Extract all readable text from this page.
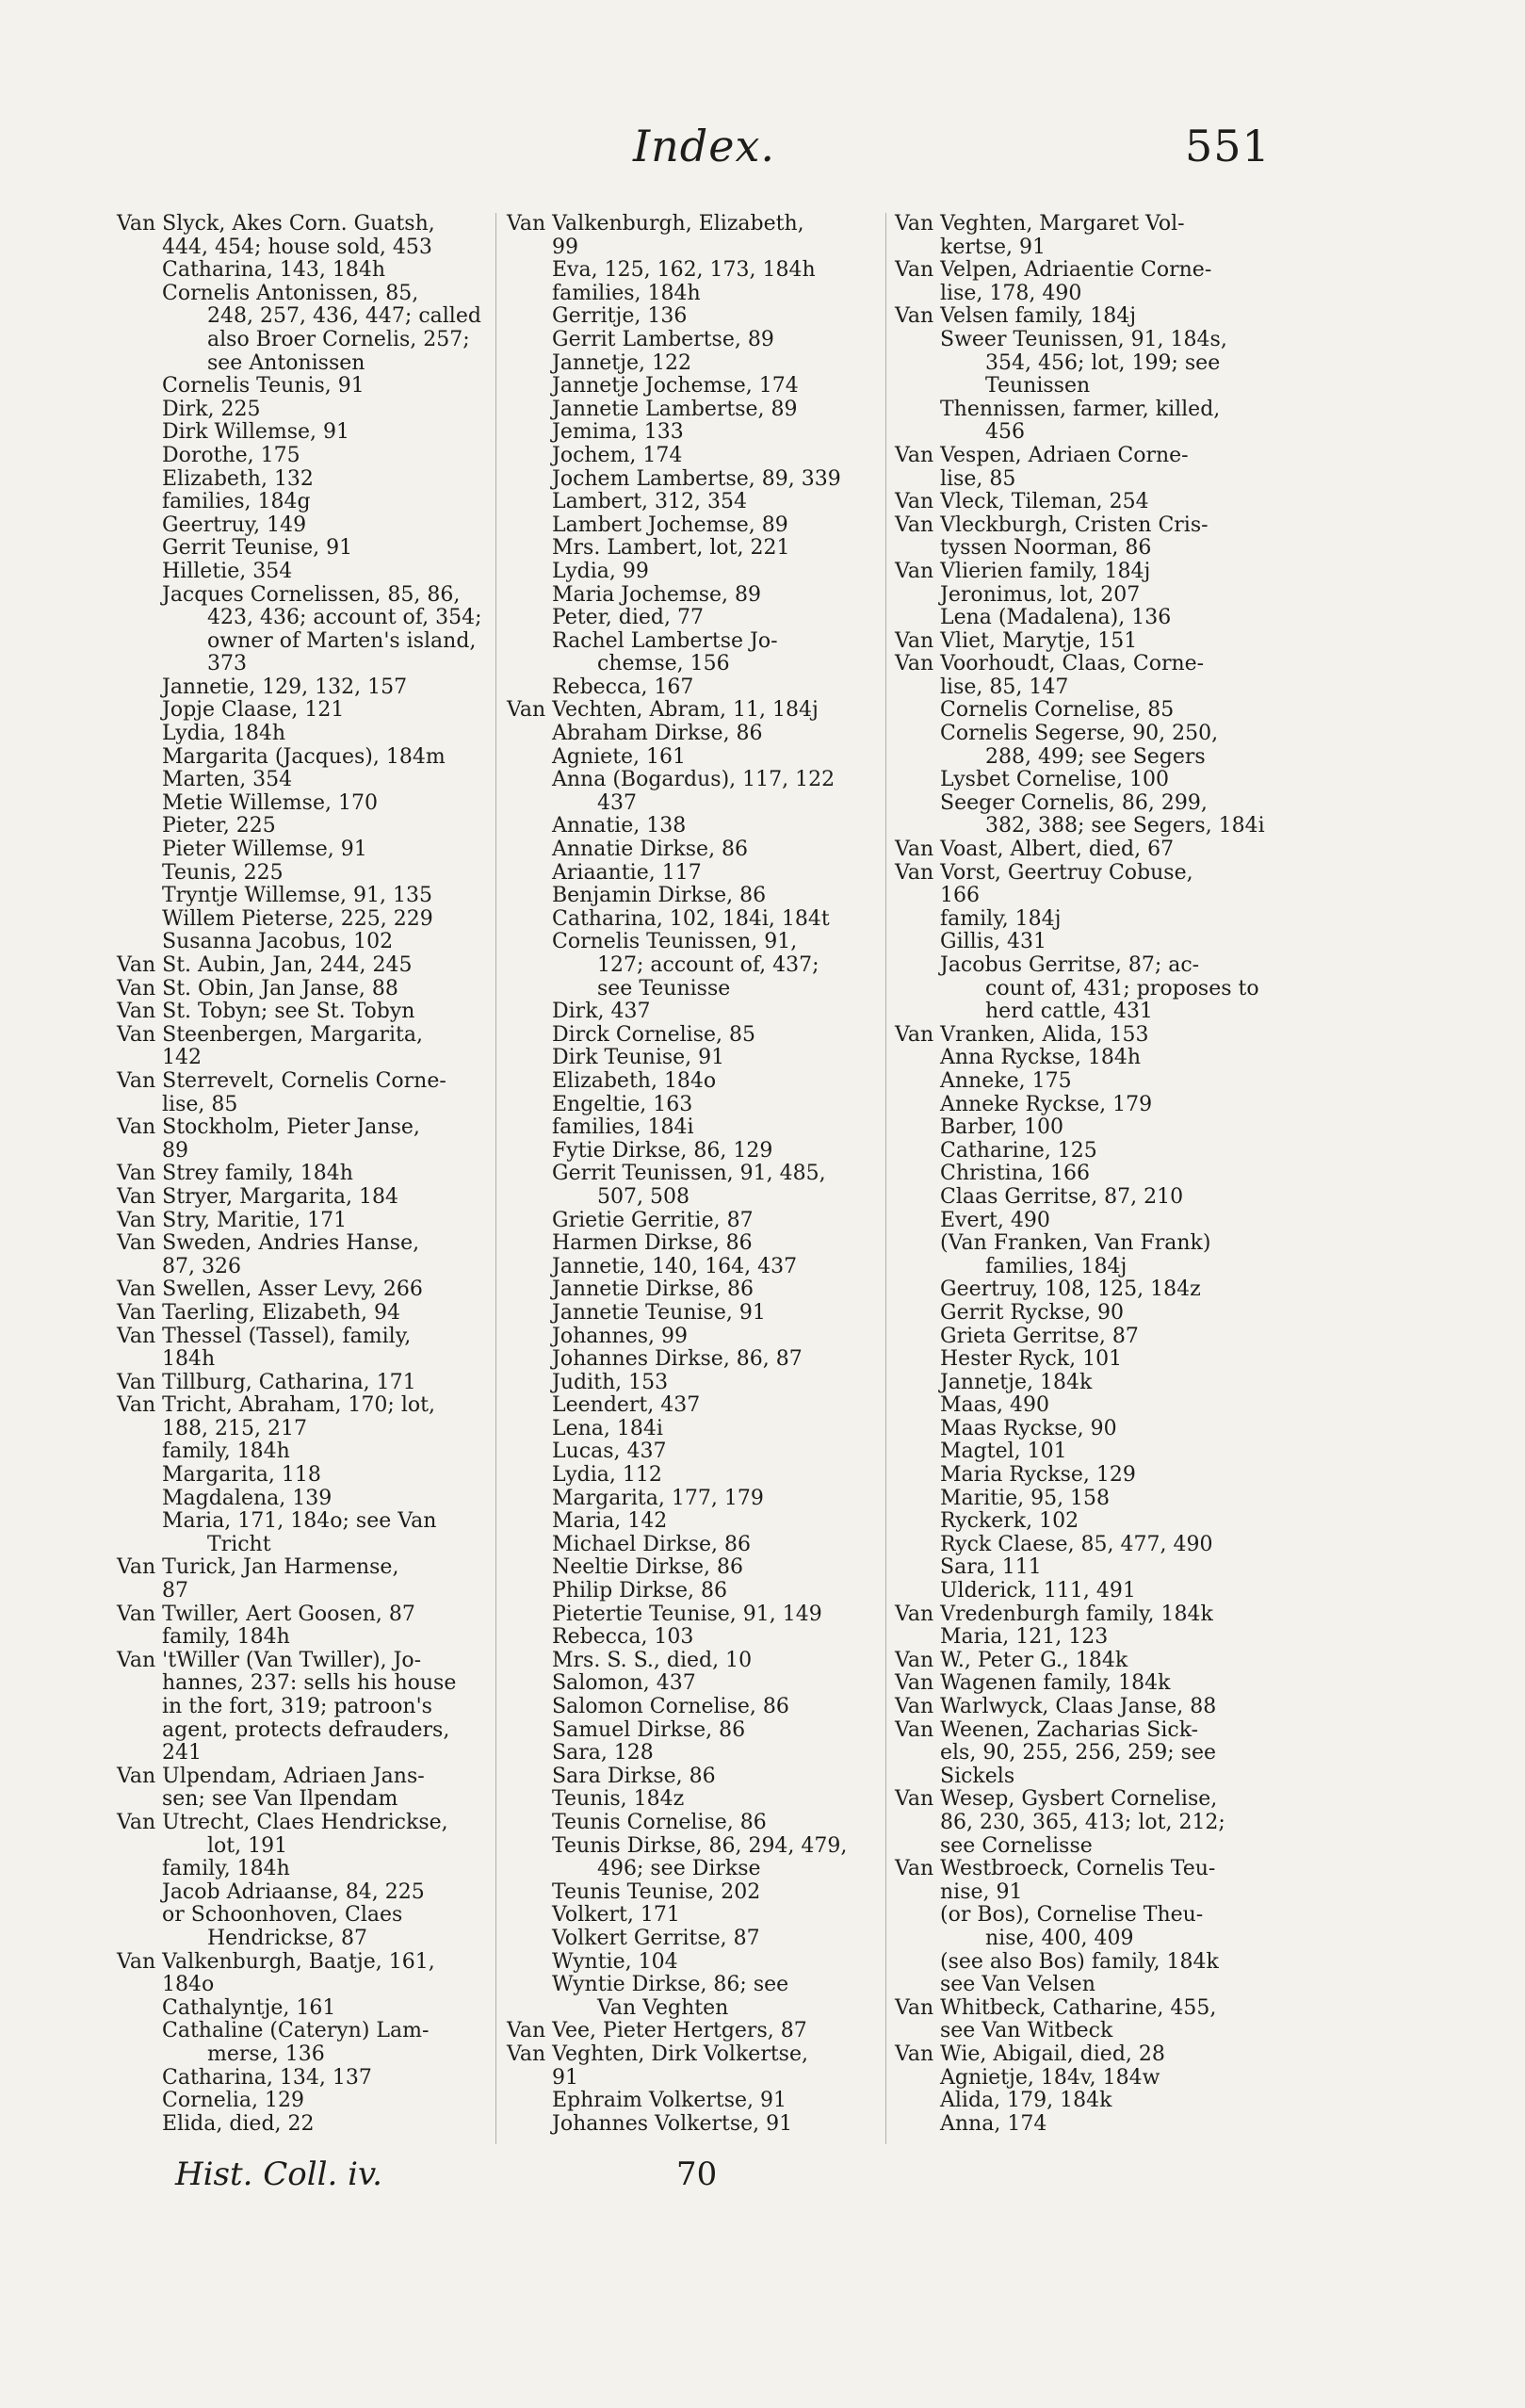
Index.	551
Van Slyck, Akes Corn. Guatsh,
444, 454; house sold, 453
Catharina, 143, 184h
Cornelis Antonissen, 85,
248, 257, 436, 447; called
also Broer Cornelis, 257;
see Antonissen
Cornelis Teunis, 91
Dirk, 225
Dirk Willemse, 91
Dorothe, 175
Elizabeth, 132
families, 184g
Geertruy, 149
Gerrit Teunise, 91
Hilletie, 354
Jacques Cornelissen, 85, 86,
423, 436; account of, 354;
owner of Marten's island,
373
Jannetie, 129, 132, 157
Jopje Claase, 121
Lydia, 184h
Margarita (Jacques), 184m
Marten, 354
Metie Willemse, 170
Pieter, 225
Pieter Willemse, 91
Teunis, 225
Tryntje Willemse, 91, 135
Willem Pieterse, 225, 229
Susanna Jacobus, 102
Van St. Aubin, Jan, 244, 245
Van St. Obin, Jan Janse, 88
Van St. Tobyn; see St. Tobyn
Van Steenbergen, Margarita,
142
Van Sterrevelt, Cornelis Corne-
lise, 85
Van Stockholm, Pieter Janse,
89
Van Strey family, 184h
Van Stryer, Margarita, 184
Van Stry, Maritie, 171
Van Sweden, Andries Hanse,
87, 326
Van Swellen, Asser Levy, 266
Van Taerling, Elizabeth, 94
Van Thessel (Tassel), family,
184h
Van Tillburg, Catharina, 171
Van Tricht, Abraham, 170; lot,
188, 215, 217
family, 184h
Margarita, 118
Magdalena, 139
Maria, 171, 184o; see Van
Tricht
Van Turick, Jan Harmense,
87
Van Twiller, Aert Goosen, 87
family, 184h
Van 'tWiller (Van Twiller), Jo-
hannes, 237: sells his house
in the fort, 319; patroon's
agent, protects defrauders,
241
Van Ulpendam, Adriaen Jans-
sen; see Van Ilpendam
Van Utrecht, Claes Hendrickse,
lot, 191
family, 184h
Jacob Adriaanse, 84, 225
or Schoonhoven, Claes
Hendrickse, 87
Van Valkenburgh, Baatje, 161,
184o
Cathalyntje, 161
Cathaline (Cateryn) Lam-
merse, 136
Catharina, 134, 137
Cornelia, 129
Elida, died, 22
Van Valkenburgh, Elizabeth,
99
Eva, 125, 162, 173, 184h
families, 184h
Gerritje, 136
Gerrit Lambertse, 89
Jannetje, 122
Jannetje Jochemse, 174
Jannetie Lambertse, 89
Jemima, 133
Jochem, 174
Jochem Lambertse, 89, 339
Lambert, 312, 354
Lambert Jochemse, 89
Mrs. Lambert, lot, 221
Lydia, 99
Maria Jochemse, 89
Peter, died, 77
Rachel Lambertse Jo-
chemse, 156
Rebecca, 167
Van Vechten, Abram, 11, 184j
Abraham Dirkse, 86
Agniete, 161
Anna (Bogardus), 117, 122
437
Annatie, 138
Annatie Dirkse, 86
Ariaantie, 117
Benjamin Dirkse, 86
Catharina, 102, 184i, 184t
Cornelis Teunissen, 91,
127; account of, 437;
see Teunisse
Dirk, 437
Dirck Cornelise, 85
Dirk Teunise, 91
Elizabeth, 184o
Engeltie, 163
families, 184i
Fytie Dirkse, 86, 129
Gerrit Teunissen, 91, 485,
507, 508
Grietie Gerritie, 87
Harmen Dirkse, 86
Jannetie, 140, 164, 437
Jannetie Dirkse, 86
Jannetie Teunise, 91
Johannes, 99
Johannes Dirkse, 86, 87
Judith, 153
Leendert, 437
Lena, 184i
Lucas, 437
Lydia, 112
Margarita, 177, 179
Maria, 142
Michael Dirkse, 86
Neeltie Dirkse, 86
Philip Dirkse, 86
Pietertie Teunise, 91, 149
Rebecca, 103
Mrs. S. S., died, 10
Salomon, 437
Salomon Cornelise, 86
Samuel Dirkse, 86
Sara, 128
Sara Dirkse, 86
Teunis, 184z
Teunis Cornelise, 86
Teunis Dirkse, 86, 294, 479,
496; see Dirkse
Teunis Teunise, 202
Volkert, 171
Volkert Gerritse, 87
Wyntie, 104
Wyntie Dirkse, 86; see
Van Veghten
Van Vee, Pieter Hertgers, 87
Van Veghten, Dirk Volkertse,
91
Ephraim Volkertse, 91
Johannes Volkertse, 91
Van Veghten, Margaret Vol-
kertse, 91
Van Velpen, Adriaentie Corne-
lise, 178, 490
Van Velsen family, 184j
Sweer Teunissen, 91, 184s,
354, 456; lot, 199; see
Teunissen
Thennissen, farmer, killed,
456
Van Vespen, Adriaen Corne-
lise, 85
Van Vleck, Tileman, 254
Van Vleckburgh, Cristen Cris-
tyssen Noorman, 86
Van Vlierien family, 184j
Jeronimus, lot, 207
Lena (Madalena), 136
Van Vliet, Marytje, 151
Van Voorhoudt, Claas, Corne-
lise, 85, 147
Cornelis Cornelise, 85
Cornelis Segerse, 90, 250,
288, 499; see Segers
Lysbet Cornelise, 100
Seeger Cornelis, 86, 299,
382, 388; see Segers, 184i
Van Voast, Albert, died, 67
Van Vorst, Geertruy Cobuse,
166
family, 184j
Gillis, 431
Jacobus Gerritse, 87; ac-
count of, 431; proposes to
herd cattle, 431
Van Vranken, Alida, 153
Anna Ryckse, 184h
Anneke, 175
Anneke Ryckse, 179
Barber, 100
Catharine, 125
Christina, 166
Claas Gerritse, 87, 210
Evert, 490
(Van Franken, Van Frank)
families, 184j
Geertruy, 108, 125, 184z
Gerrit Ryckse, 90
Grieta Gerritse, 87
Hester Ryck, 101
Jannetje, 184k
Maas, 490
Maas Ryckse, 90
Magtel, 101
Maria Ryckse, 129
Maritie, 95, 158
Ryckerk, 102
Ryck Claese, 85, 477, 490
Sara, 111
Ulderick, 111, 491
Van Vredenburgh family, 184k
Maria, 121, 123
Van W., Peter G., 184k
Van Wagenen family, 184k
Van Warlwyck, Claas Janse, 88
Van Weenen, Zacharias Sick-
els, 90, 255, 256, 259; see
Sickels
Van Wesep, Gysbert Cornelise,
86, 230, 365, 413; lot, 212;
see Cornelisse
Van Westbroeck, Cornelis Teu-
nise, 91
(or Bos), Cornelise Theu-
nise, 400, 409
(see also Bos) family, 184k
see Van Velsen
Van Whitbeck, Catharine, 455,
see Van Witbeck
Van Wie, Abigail, died, 28
Agnietje, 184v, 184w
Alida, 179, 184k
Anna, 174
Hist. Coll. iv.	70
